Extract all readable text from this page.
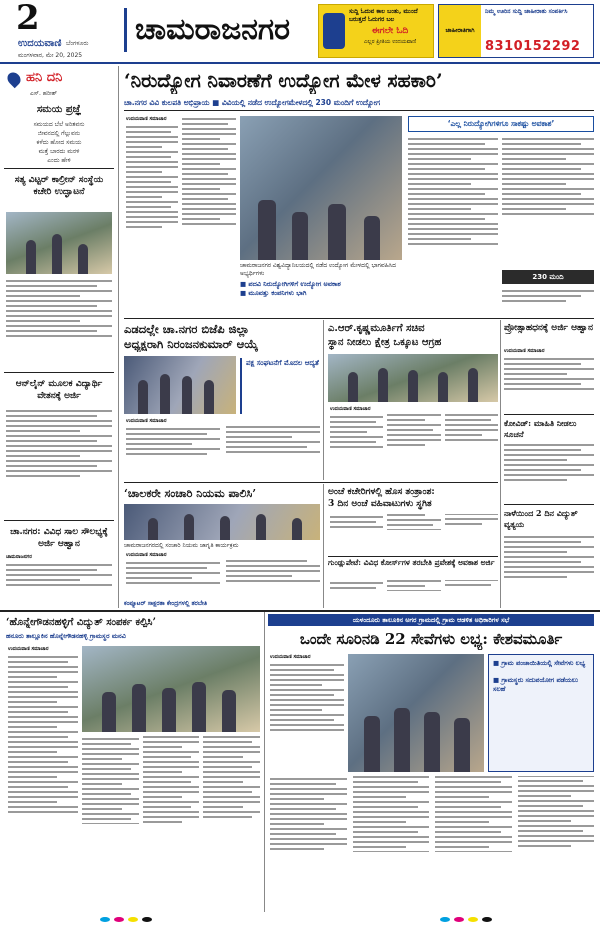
2
ಉದಯವಾಣಿ ಬೆಂಗಳೂರು
ಮಂಗಳವಾರ, ಮೇ 20, 2025
ಚಾಮರಾಜನಗರ
ಸುದ್ದಿ ಓದುವ ಕಾಲ ಬಂತು, ಮುಂದೆ ಬರುತ್ತದೆ ಓದುಗರ ಬಲ
ಈಗಲೇ ಓದಿ
ಎಲ್ಲರ ಪ್ರೀತಿಯ ಉದಯವಾಣಿ
ಜಾಹೀರಾತಿಗಾಗಿ
ನಿಮ್ಮ ಊರಿನ ಸುದ್ದಿ ಜಾಹೀರಾತು ಸಂಪರ್ಕಿಸಿ
8310152292
ಹನಿ ದನಿ
ಎಸ್. ಹರೀಶ್
ಸಮಯ ಪ್ರಜ್ಞೆ
ಸಮಯದ ಬೆಲೆ ಅರಿತವನು
ಜೀವನದಲ್ಲಿ ಗೆಲ್ಲುವನು
ಕಳೆದು ಹೋದ ಸಮಯ
ಮತ್ತೆ ಬಾರದು ಮರಳಿ
ಎಂದು ಹೇಳಿ
ಸತ್ಯ ವಿಟ್ಟರ್ ಕಾಲ್ರೀನ್ ಸಂಸ್ಥೆಯ ಕಚೇರಿ ಉದ್ಘಾಟನೆ
ಆನ್‌ಲೈನ್ ಮೂಲಕ ವಿದ್ಯಾರ್ಥಿ ವೇತನಕ್ಕೆ ಅರ್ಜಿ
ಚಾ.ನಗರ: ವಿವಿಧ ಸಾಲ ಸೌಲಭ್ಯಕ್ಕೆ ಅರ್ಜಿ ಆಹ್ವಾನ
ಚಾಮರಾಜನಗರ
‘ನಿರುದ್ಯೋಗ ನಿವಾರಣೆಗೆ ಉದ್ಯೋಗ ಮೇಳ ಸಹಕಾರಿ’
ಚಾ.ನಗರ ವಿವಿ ಕುಲಪತಿ ಅಭಿಪ್ರಾಯ ■ ವಿವಿಯಲ್ಲಿ ನಡೆದ ಉದ್ಯೋಗಮೇಳದಲ್ಲಿ 230 ಮಂದಿಗೆ ಉದ್ಯೋಗ
ಉದಯವಾಣಿ ಸಮಾಚಾರ
ಚಾಮರಾಜನಗರ ವಿಶ್ವವಿದ್ಯಾನಿಲಯದಲ್ಲಿ ನಡೆದ ಉದ್ಯೋಗ ಮೇಳದಲ್ಲಿ ಭಾಗವಹಿಸಿದ ಅಭ್ಯರ್ಥಿಗಳು
■ ಪದವಿ ನಿರುದ್ಯೋಗಿಗಳಿಗೆ ಉದ್ಯೋಗ ಅವಕಾಶ
■ ಮೂವತ್ತು ಕಂಪನಿಗಳು ಭಾಗಿ
‘ಎಲ್ಲ ನಿರುದ್ಯೋಗಿಗಳಿಗೂ ಸಾಕಷ್ಟು ಅವಕಾಶ’
230 ಮಂದಿ
ಎಡದಲ್ಲೇ ಚಾ.ನಗರ ಬಿಜೆಪಿ ಜಿಲ್ಲಾ
ಅಧ್ಯಕ್ಷರಾಗಿ ನಿರಂಜನಕುಮಾರ್ ಆಯ್ಕೆ
ಪಕ್ಷ ಸಂಘಟನೆಗೆ ಮೊದಲ ಆದ್ಯತೆ
ಉದಯವಾಣಿ ಸಮಾಚಾರ
ಎ.ಆರ್.ಕೃಷ್ಣಮೂರ್ತಿಗೆ ಸಚಿವ
ಸ್ಥಾನ ನೀಡಲು ಕ್ಷೇತ್ರ ಒಕ್ಕೂಟ ಆಗ್ರಹ
ಉದಯವಾಣಿ ಸಮಾಚಾರ
ಪ್ರೋತ್ಸಾಹಧನಕ್ಕೆ ಅರ್ಜಿ ಆಹ್ವಾನ
ಉದಯವಾಣಿ ಸಮಾಚಾರ
ಕೋವಿಡ್: ಮಾಹಿತಿ ನೀಡಲು ಸೂಚನೆ
ನಾಳೆಯಿಂದ 2 ದಿನ ವಿದ್ಯುತ್ ವ್ಯತ್ಯಯ
‘ಚಾಲಕರೇ ಸಂಚಾರಿ ನಿಯಮ ಪಾಲಿಸಿ’
ಚಾಮರಾಜನಗರದಲ್ಲಿ ಸಂಚಾರಿ ನಿಯಮ ಜಾಗೃತಿ ಕಾರ್ಯಕ್ರಮ
ಉದಯವಾಣಿ ಸಮಾಚಾರ
ಅಂಚೆ ಕಚೇರಿಗಳಲ್ಲಿ ಹೊಸ ತಂತ್ರಾಂಶ:
3 ದಿನ ಅಂಚೆ ವಹಿವಾಟುಗಳು ಸ್ಥಗಿತ
ಗುಂಡ್ಲುಪೇಟೆ: ವಿವಿಧ ಕೋರ್ಸ್‌ಗಳ ತರಬೇತಿ ಪ್ರವೇಶಕ್ಕೆ ಅವಕಾಶ ಅರ್ಜಿ
ಕಂಪ್ಯೂಟರ್ ಸಾಕ್ಷರತಾ ಕೇಂದ್ರಗಳಲ್ಲಿ ತರಬೇತಿ
‘ಹೊನ್ನೇಗೌಡನಹಳ್ಳಿಗೆ ವಿದ್ಯುತ್ ಸಂಪರ್ಕ ಕಲ್ಪಿಸಿ’
ಹನೂರು ತಾಲ್ಲೂಕಿನ ಹೊನ್ನೇಗೌಡನಹಳ್ಳಿ ಗ್ರಾಮಸ್ಥರ ಮನವಿ
ಉದಯವಾಣಿ ಸಮಾಚಾರ
ಯಳಂದೂರು ತಾಲೂಕಿನ ಅಗರ ಗ್ರಾಮದಲ್ಲಿ ಗ್ರಾಮ ಆಡಳಿತ ಅಧಿಕಾರಿಗಳ ಸಭೆ
ಒಂದೇ ಸೂರಿನಡಿ 22 ಸೇವೆಗಳು ಲಭ್ಯ: ಕೇಶವಮೂರ್ತಿ
ಉದಯವಾಣಿ ಸಮಾಚಾರ
■ ಗ್ರಾಮ ಪಂಚಾಯಿತಿಯಲ್ಲಿ ಸೇವೆಗಳು ಲಭ್ಯ
■ ಗ್ರಾಮಸ್ಥರು ಸದುಪಯೋಗ ಪಡೆಯಲು ಸಲಹೆ
